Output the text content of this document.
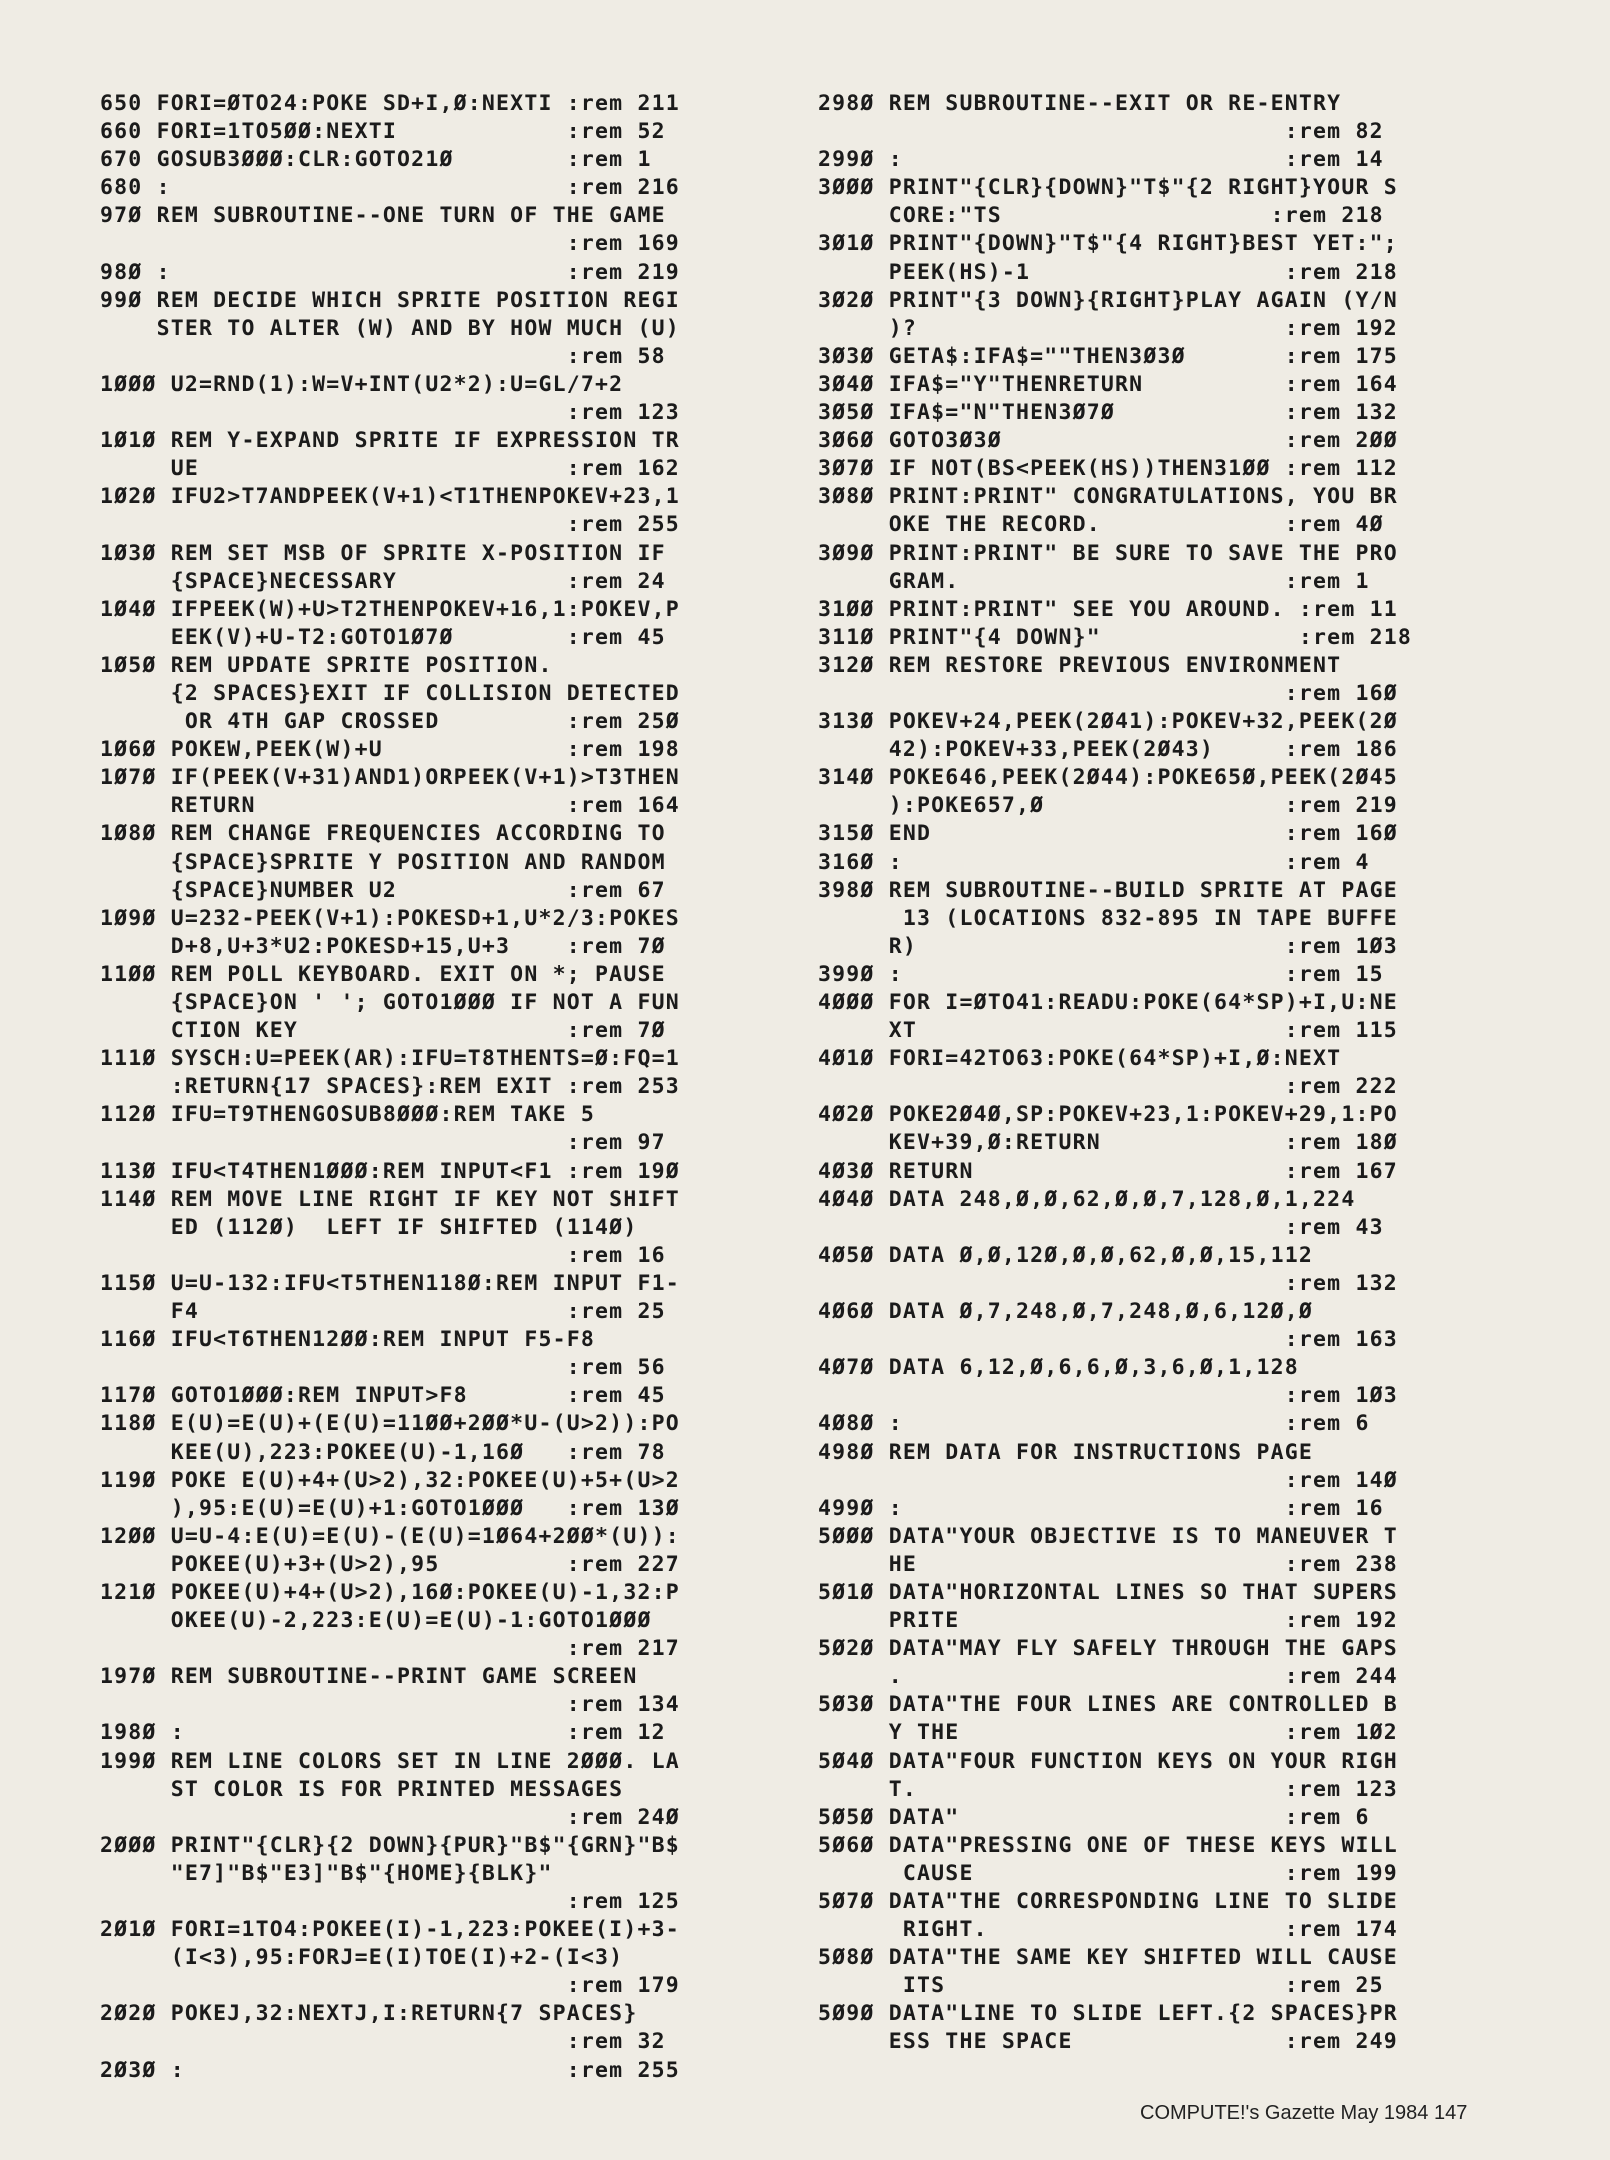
650 FORI=ØTO24:POKE SD+I,Ø:NEXTI :rem 211
660 FORI=1TO5ØØ:NEXTI            :rem 52
670 GOSUB3ØØØ:CLR:GOTO21Ø        :rem 1
680 :                            :rem 216
97Ø REM SUBROUTINE--ONE TURN OF THE GAME
:rem 169
98Ø :                            :rem 219
99Ø REM DECIDE WHICH SPRITE POSITION REGI
STER TO ALTER (W) AND BY HOW MUCH (U)
:rem 58
1ØØØ U2=RND(1):W=V+INT(U2*2):U=GL/7+2
:rem 123
1Ø1Ø REM Y-EXPAND SPRITE IF EXPRESSION TR
UE                          :rem 162
1Ø2Ø IFU2>T7ANDPEEK(V+1)<T1THENPOKEV+23,1
:rem 255
1Ø3Ø REM SET MSB OF SPRITE X-POSITION IF
{SPACE}NECESSARY            :rem 24
1Ø4Ø IFPEEK(W)+U>T2THENPOKEV+16,1:POKEV,P
EEK(V)+U-T2:GOTO1Ø7Ø        :rem 45
1Ø5Ø REM UPDATE SPRITE POSITION.
{2 SPACES}EXIT IF COLLISION DETECTED
OR 4TH GAP CROSSED         :rem 25Ø
1Ø6Ø POKEW,PEEK(W)+U             :rem 198
1Ø7Ø IF(PEEK(V+31)AND1)ORPEEK(V+1)>T3THEN
RETURN                      :rem 164
1Ø8Ø REM CHANGE FREQUENCIES ACCORDING TO
{SPACE}SPRITE Y POSITION AND RANDOM
{SPACE}NUMBER U2            :rem 67
1Ø9Ø U=232-PEEK(V+1):POKESD+1,U*2/3:POKES
D+8,U+3*U2:POKESD+15,U+3    :rem 7Ø
11ØØ REM POLL KEYBOARD. EXIT ON *; PAUSE
{SPACE}ON ' '; GOTO1ØØØ IF NOT A FUN
CTION KEY                   :rem 7Ø
111Ø SYSCH:U=PEEK(AR):IFU=T8THENTS=Ø:FQ=1
:RETURN{17 SPACES}:REM EXIT :rem 253
112Ø IFU=T9THENGOSUB8ØØØ:REM TAKE 5
:rem 97
113Ø IFU<T4THEN1ØØØ:REM INPUT<F1 :rem 19Ø
114Ø REM MOVE LINE RIGHT IF KEY NOT SHIFT
ED (112Ø)  LEFT IF SHIFTED (114Ø)
:rem 16
115Ø U=U-132:IFU<T5THEN118Ø:REM INPUT F1-
F4                          :rem 25
116Ø IFU<T6THEN12ØØ:REM INPUT F5-F8
:rem 56
117Ø GOTO1ØØØ:REM INPUT>F8       :rem 45
118Ø E(U)=E(U)+(E(U)=11ØØ+2ØØ*U-(U>2)):PO
KEE(U),223:POKEE(U)-1,16Ø   :rem 78
119Ø POKE E(U)+4+(U>2),32:POKEE(U)+5+(U>2
),95:E(U)=E(U)+1:GOTO1ØØØ   :rem 13Ø
12ØØ U=U-4:E(U)=E(U)-(E(U)=1Ø64+2ØØ*(U)):
POKEE(U)+3+(U>2),95         :rem 227
121Ø POKEE(U)+4+(U>2),16Ø:POKEE(U)-1,32:P
OKEE(U)-2,223:E(U)=E(U)-1:GOTO1ØØØ
:rem 217
197Ø REM SUBROUTINE--PRINT GAME SCREEN
:rem 134
198Ø :                           :rem 12
199Ø REM LINE COLORS SET IN LINE 2ØØØ. LA
ST COLOR IS FOR PRINTED MESSAGES
:rem 24Ø
2ØØØ PRINT"{CLR}{2 DOWN}{PUR}"B$"{GRN}"B$
"E7]"B$"E3]"B$"{HOME}{BLK}"
:rem 125
2Ø1Ø FORI=1TO4:POKEE(I)-1,223:POKEE(I)+3-
(I<3),95:FORJ=E(I)TOE(I)+2-(I<3)
:rem 179
2Ø2Ø POKEJ,32:NEXTJ,I:RETURN{7 SPACES}
:rem 32
2Ø3Ø :                           :rem 255
298Ø REM SUBROUTINE--EXIT OR RE-ENTRY
:rem 82
299Ø :                           :rem 14
3ØØØ PRINT"{CLR}{DOWN}"T$"{2 RIGHT}YOUR S
CORE:"TS                   :rem 218
3Ø1Ø PRINT"{DOWN}"T$"{4 RIGHT}BEST YET:";
PEEK(HS)-1                  :rem 218
3Ø2Ø PRINT"{3 DOWN}{RIGHT}PLAY AGAIN (Y/N
)?                          :rem 192
3Ø3Ø GETA$:IFA$=""THEN3Ø3Ø       :rem 175
3Ø4Ø IFA$="Y"THENRETURN          :rem 164
3Ø5Ø IFA$="N"THEN3Ø7Ø            :rem 132
3Ø6Ø GOTO3Ø3Ø                    :rem 2ØØ
3Ø7Ø IF NOT(BS<PEEK(HS))THEN31ØØ :rem 112
3Ø8Ø PRINT:PRINT" CONGRATULATIONS, YOU BR
OKE THE RECORD.             :rem 4Ø
3Ø9Ø PRINT:PRINT" BE SURE TO SAVE THE PRO
GRAM.                       :rem 1
31ØØ PRINT:PRINT" SEE YOU AROUND. :rem 11
311Ø PRINT"{4 DOWN}"              :rem 218
312Ø REM RESTORE PREVIOUS ENVIRONMENT
:rem 16Ø
313Ø POKEV+24,PEEK(2Ø41):POKEV+32,PEEK(2Ø
42):POKEV+33,PEEK(2Ø43)     :rem 186
314Ø POKE646,PEEK(2Ø44):POKE65Ø,PEEK(2Ø45
):POKE657,Ø                 :rem 219
315Ø END                         :rem 16Ø
316Ø :                           :rem 4
398Ø REM SUBROUTINE--BUILD SPRITE AT PAGE
13 (LOCATIONS 832-895 IN TAPE BUFFE
R)                          :rem 1Ø3
399Ø :                           :rem 15
4ØØØ FOR I=ØTO41:READU:POKE(64*SP)+I,U:NE
XT                          :rem 115
4Ø1Ø FORI=42TO63:POKE(64*SP)+I,Ø:NEXT
:rem 222
4Ø2Ø POKE2Ø4Ø,SP:POKEV+23,1:POKEV+29,1:PO
KEV+39,Ø:RETURN             :rem 18Ø
4Ø3Ø RETURN                      :rem 167
4Ø4Ø DATA 248,Ø,Ø,62,Ø,Ø,7,128,Ø,1,224
:rem 43
4Ø5Ø DATA Ø,Ø,12Ø,Ø,Ø,62,Ø,Ø,15,112
:rem 132
4Ø6Ø DATA Ø,7,248,Ø,7,248,Ø,6,12Ø,Ø
:rem 163
4Ø7Ø DATA 6,12,Ø,6,6,Ø,3,6,Ø,1,128
:rem 1Ø3
4Ø8Ø :                           :rem 6
498Ø REM DATA FOR INSTRUCTIONS PAGE
:rem 14Ø
499Ø :                           :rem 16
5ØØØ DATA"YOUR OBJECTIVE IS TO MANEUVER T
HE                          :rem 238
5Ø1Ø DATA"HORIZONTAL LINES SO THAT SUPERS
PRITE                       :rem 192
5Ø2Ø DATA"MAY FLY SAFELY THROUGH THE GAPS
.                           :rem 244
5Ø3Ø DATA"THE FOUR LINES ARE CONTROLLED B
Y THE                       :rem 1Ø2
5Ø4Ø DATA"FOUR FUNCTION KEYS ON YOUR RIGH
T.                          :rem 123
5Ø5Ø DATA"                       :rem 6
5Ø6Ø DATA"PRESSING ONE OF THESE KEYS WILL
CAUSE                      :rem 199
5Ø7Ø DATA"THE CORRESPONDING LINE TO SLIDE
RIGHT.                     :rem 174
5Ø8Ø DATA"THE SAME KEY SHIFTED WILL CAUSE
ITS                        :rem 25
5Ø9Ø DATA"LINE TO SLIDE LEFT.{2 SPACES}PR
ESS THE SPACE               :rem 249
COMPUTE!'s Gazette May 1984 147
